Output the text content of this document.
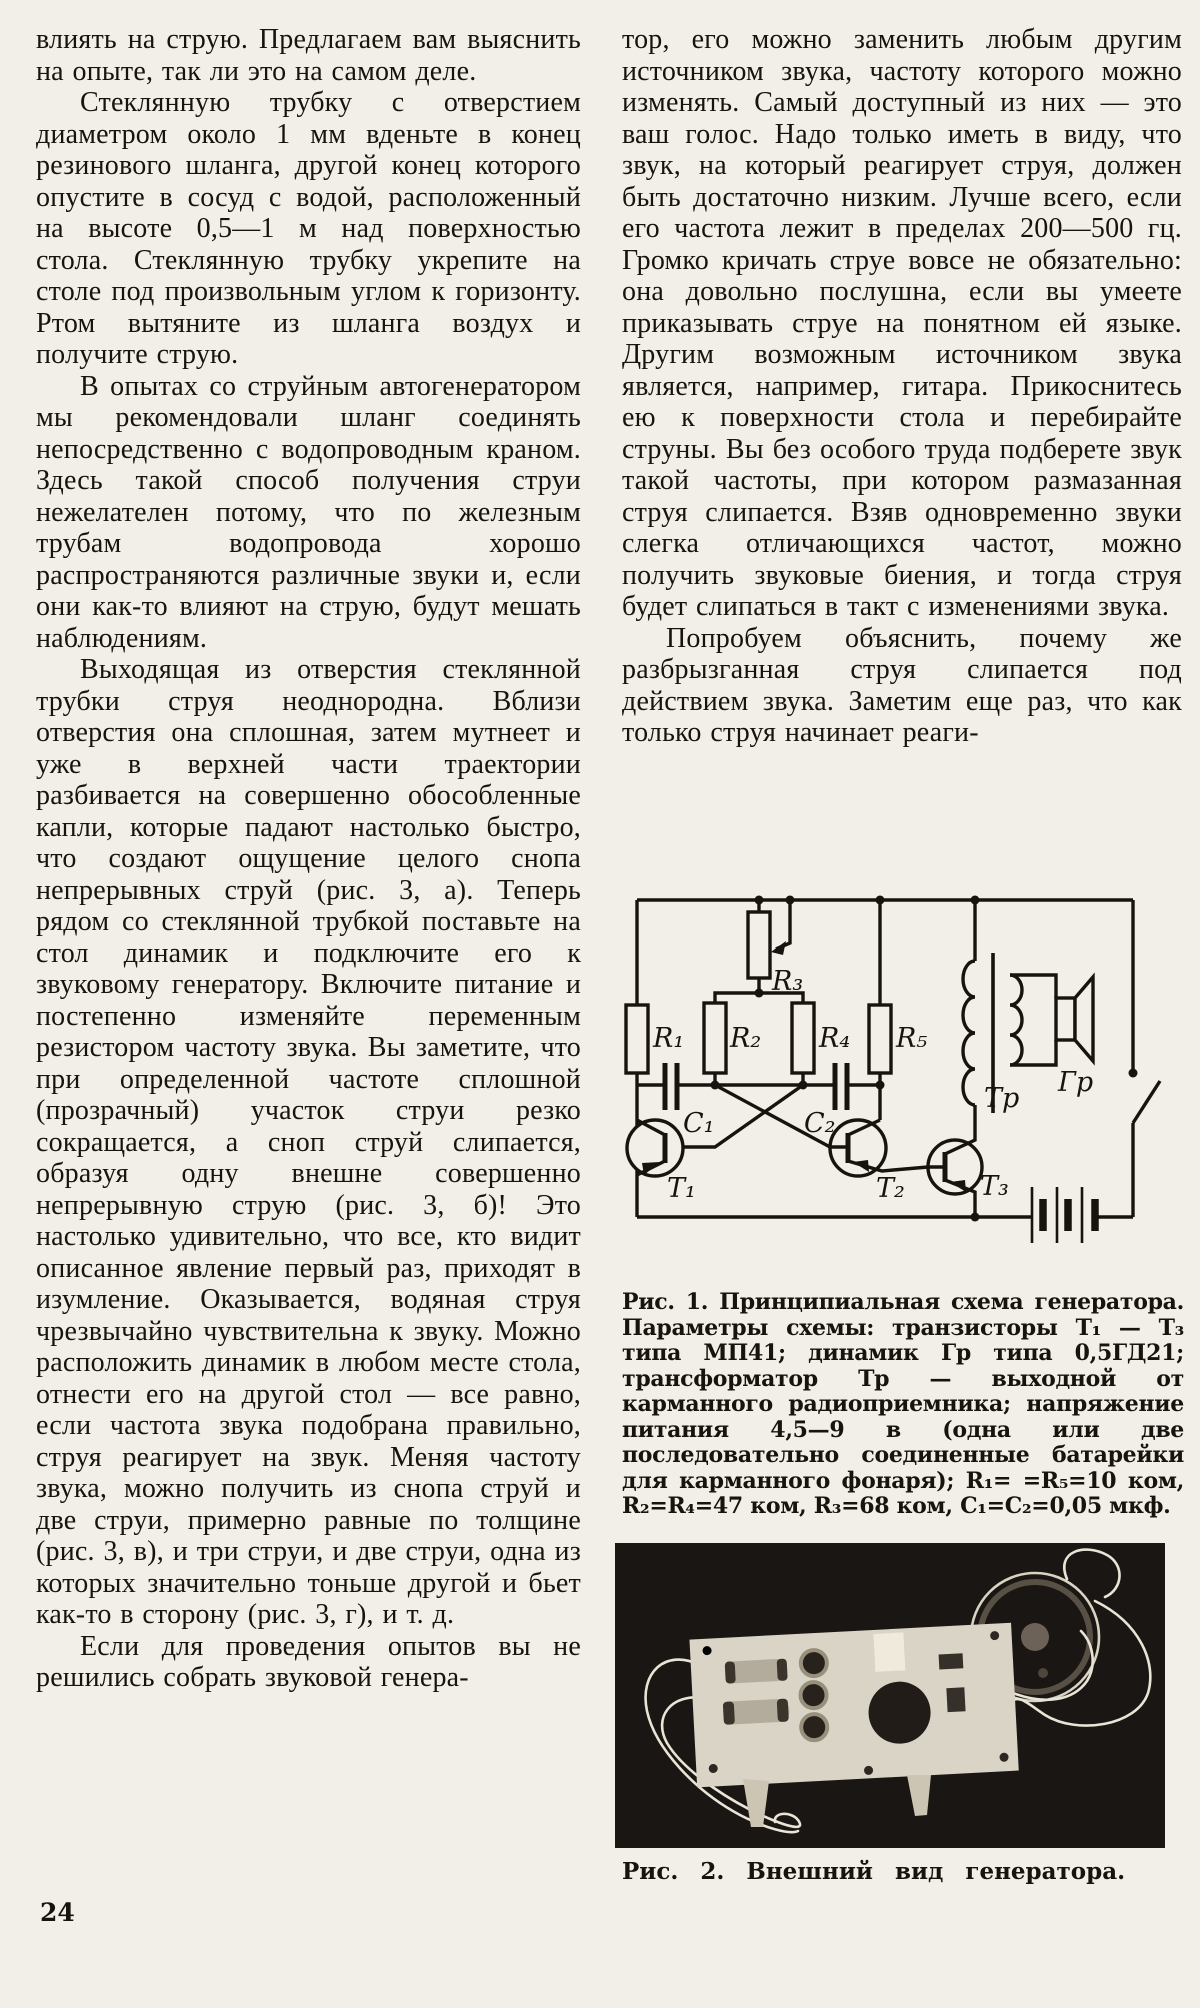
влиять на струю. Предлагаем вам выяснить на опыте, так ли это на самом деле.

Стеклянную трубку с отверстием диаметром около 1 мм вденьте в конец резинового шланга, другой конец которого опустите в сосуд с водой, расположенный на высоте 0,5—1 м над поверхностью стола. Стеклянную трубку укрепите на столе под произвольным углом к горизонту. Ртом вытяните из шланга воздух и получите струю.

В опытах со струйным автогенератором мы рекомендовали шланг соединять непосредственно с водопроводным краном. Здесь такой способ получения струи нежелателен потому, что по железным трубам водопровода хорошо распространяются различные звуки и, если они как-то влияют на струю, будут мешать наблюдениям.

Выходящая из отверстия стеклянной трубки струя неоднородна. Вблизи отверстия она сплошная, затем мутнеет и уже в верхней части траектории разбивается на совершенно обособленные капли, которые падают настолько быстро, что создают ощущение целого снопа непрерывных струй (рис. 3, а). Теперь рядом со стеклянной трубкой поставьте на стол динамик и подключите его к звуковому генератору. Включите питание и постепенно изменяйте переменным резистором частоту звука. Вы заметите, что при определенной частоте сплошной (прозрачный) участок струи резко сокращается, а сноп струй слипается, образуя одну внешне совершенно непрерывную струю (рис. 3, б)! Это настолько удивительно, что все, кто видит описанное явление первый раз, приходят в изумление. Оказывается, водяная струя чрезвычайно чувствительна к звуку. Можно расположить динамик в любом месте стола, отнести его на другой стол — все равно, если частота звука подобрана правильно, струя реагирует на звук. Меняя частоту звука, можно получить из снопа струй и две струи, примерно равные по толщине (рис. 3, в), и три струи, и две струи, одна из которых значительно тоньше другой и бьет как-то в сторону (рис. 3, г), и т. д.

Если для проведения опытов вы не решились собрать звуковой генера-

тор, его можно заменить любым другим источником звука, частоту которого можно изменять. Самый доступный из них — это ваш голос. Надо только иметь в виду, что звук, на который реагирует струя, должен быть достаточно низким. Лучше всего, если его частота лежит в пределах 200—500 гц. Громко кричать струе вовсе не обязательно: она довольно послушна, если вы умеете приказывать струе на понятном ей языке. Другим возможным источником звука является, например, гитара. Прикоснитесь ею к поверхности стола и перебирайте струны. Вы без особого труда подберете звук такой частоты, при котором размазанная струя слипается. Взяв одновременно звуки слегка отличающихся частот, можно получить звуковые биения, и тогда струя будет слипаться в такт с изменениями звука.

Попробуем объяснить, почему же разбрызганная струя слипается под действием звука. Заметим еще раз, что как только струя начинает реаги-

R₁
R₃
R₂ R₄ R₅
C₁	C₂
Т₁	Т₂	Т₃
Тр
Гр
Рис. 1. Принципиальная схема генератора. Параметры схемы: транзисторы Т₁ — Т₃ типа МП41; динамик Гр типа 0,5ГД21; трансформатор Тр — выходной от карманного радиоприемника; напряжение питания 4,5—9 в (одна или две последовательно соединенные батарейки для карманного фонаря); R₁= =R₅=10 ком, R₂=R₄=47 ком, R₃=68 ком, С₁=С₂=0,05 мкф.
Рис. 2. Внешний вид генератора.
24
